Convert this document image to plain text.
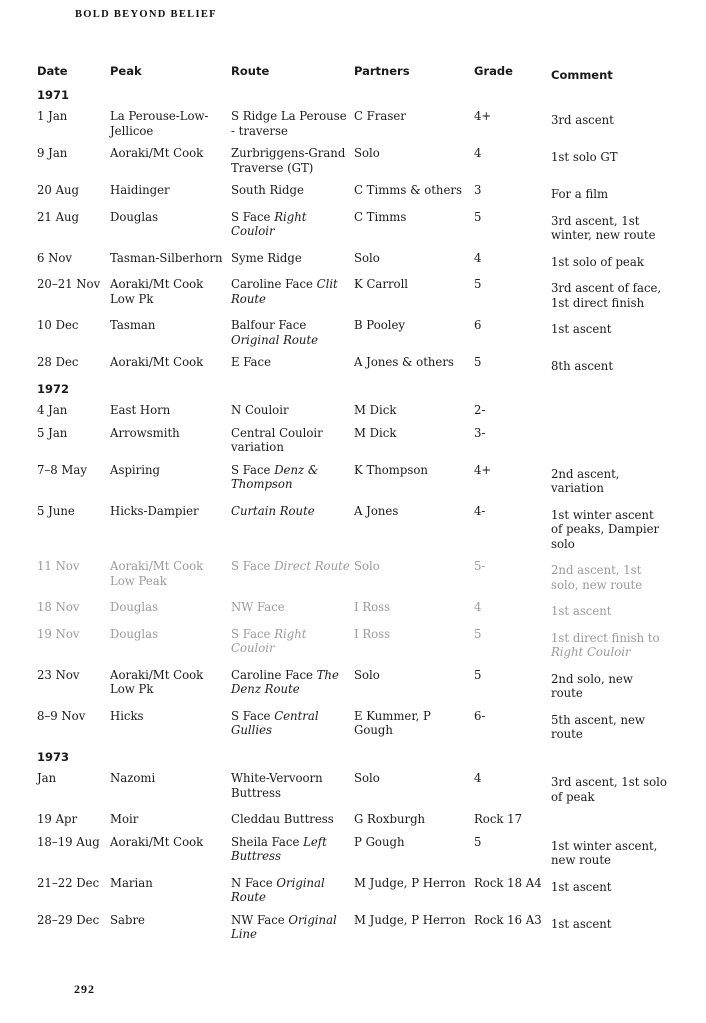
BOLD BEYOND BELIEF
Date	Peak	Route	Partners	Grade	Comment
1971					
1 Jan	La Perouse-Low-Jellicoe	S Ridge La Perouse - traverse	C Fraser	4+	3rd ascent
9 Jan	Aoraki/Mt Cook	Zurbriggens-Grand Traverse (GT)	Solo	4	1st solo GT
20 Aug	Haidinger	South Ridge	C Timms & others	3	For a film
21 Aug	Douglas	S Face Right Couloir	C Timms	5	3rd ascent, 1st winter, new route
6 Nov	Tasman-Silberhorn	Syme Ridge	Solo	4	1st solo of peak
20–21 Nov	Aoraki/Mt Cook Low Pk	Caroline Face Clit Route	K Carroll	5	3rd ascent of face, 1st direct finish
10 Dec	Tasman	Balfour Face Original Route	B Pooley	6	1st ascent
28 Dec	Aoraki/Mt Cook	E Face	A Jones & others	5	8th ascent
1972					
4 Jan	East Horn	N Couloir	M Dick	2-	
5 Jan	Arrowsmith	Central Couloir variation	M Dick	3-	
7–8 May	Aspiring	S Face Denz & Thompson	K Thompson	4+	2nd ascent, variation
5 June	Hicks-Dampier	Curtain Route	A Jones	4-	1st winter ascent of peaks, Dampier solo
11 Nov	Aoraki/Mt Cook Low Peak	S Face Direct Route	Solo	5-	2nd ascent, 1st solo, new route
18 Nov	Douglas	NW Face	I Ross	4	1st ascent
19 Nov	Douglas	S Face Right Couloir	I Ross	5	1st direct finish to Right Couloir
23 Nov	Aoraki/Mt Cook Low Pk	Caroline Face The Denz Route	Solo	5	2nd solo, new route
8–9 Nov	Hicks	S Face Central Gullies	E Kummer, P Gough	6-	5th ascent, new route
1973					
Jan	Nazomi	White-Vervoorn Buttress	Solo	4	3rd ascent, 1st solo of peak
19 Apr	Moir	Cleddau Buttress	G Roxburgh	Rock 17	
18–19 Aug	Aoraki/Mt Cook	Sheila Face Left Buttress	P Gough	5	1st winter ascent, new route
21–22 Dec	Marian	N Face Original Route	M Judge, P Herron	Rock 18 A4	1st ascent
28–29 Dec	Sabre	NW Face Original Line	M Judge, P Herron	Rock 16 A3	1st ascent
292
